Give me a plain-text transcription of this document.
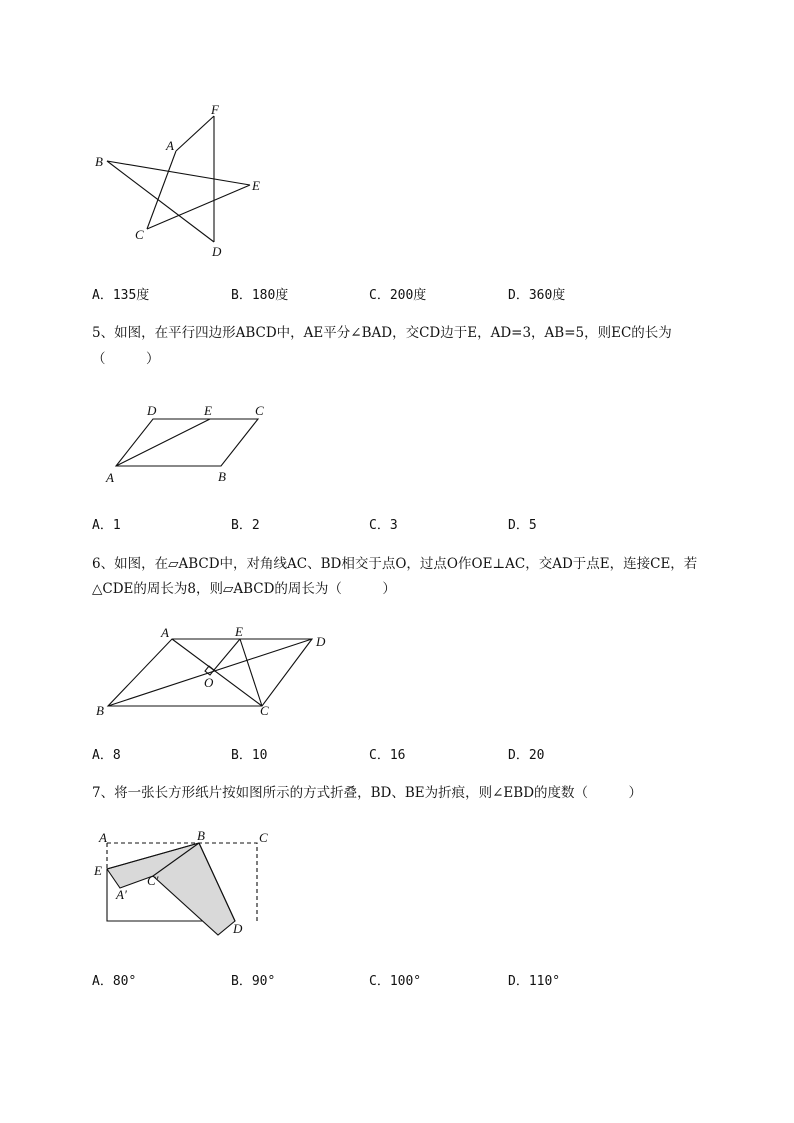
F
A
B
E
C
D
A．135度	B．180度	C．200度	D．360度
5、如图，在平行四边形ABCD中，AE平分∠BAD，交CD边于E，AD=3，AB=5，则EC的长为
（　　　）
D	E	C
A	B
A．1	B．2	C．3	D．5
6、如图，在▱ABCD中，对角线AC、BD相交于点O，过点O作OE⊥AC，交AD于点E，连接CE，若
△CDE的周长为8，则▱ABCD的周长为（　　　）
A	E
D
O
B	C
A．8	B．10	C．16	D．20
7、将一张长方形纸片按如图所示的方式折叠，BD、BE为折痕，则∠EBD的度数（　　　）
A	B	C
E
C′
A′
D
A．80°	B．90°	C．100°	D．110°
